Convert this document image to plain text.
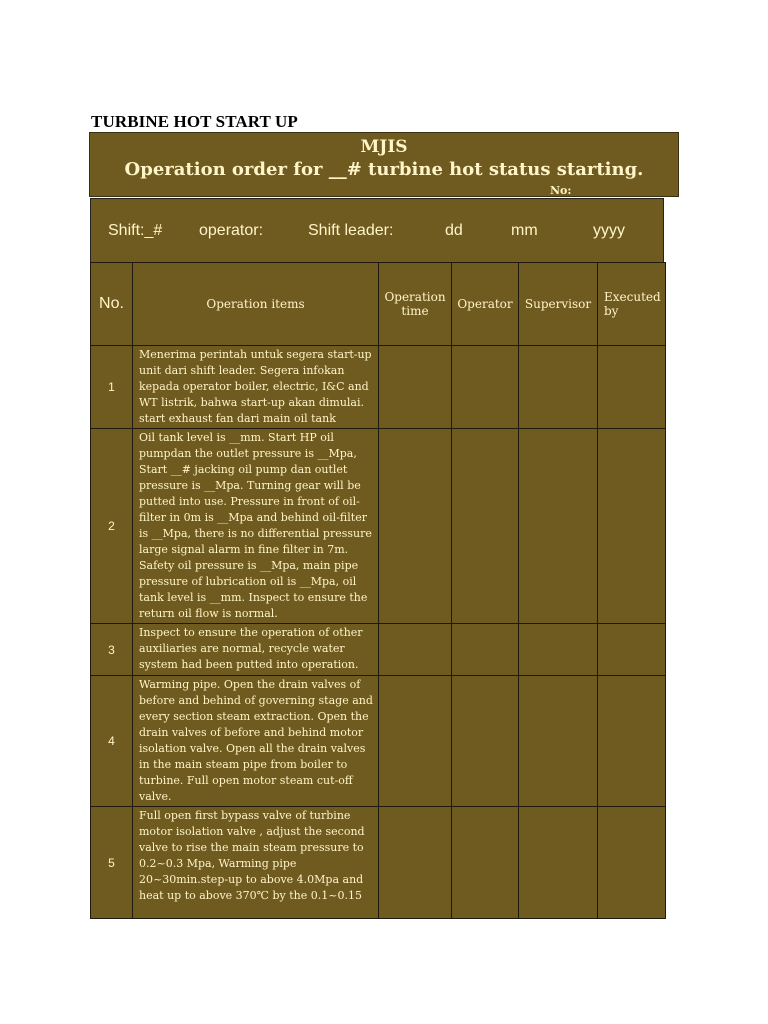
TURBINE HOT START UP
MJIS
Operation order for __# turbine hot status starting.
No:
Shift:_# operator:	Shift leader:	dd	mm	yyyy
No.	Operation items	Operation time	Operator	Supervisor	Executed by
1	Menerima perintah untuk segera start-up unit dari shift leader. Segera infokan kepada operator boiler, electric, I&C and WT listrik, bahwa start-up akan dimulai. start exhaust fan dari main oil tank				
2	Oil tank level is __mm. Start HP oil pumpdan the outlet pressure is __Mpa, Start __# jacking oil pump dan outlet pressure is __Mpa. Turning gear will be putted into use. Pressure in front of oil-filter in 0m is __Mpa and behind oil-filter is __Mpa, there is no differential pressure large signal alarm in fine filter in 7m. Safety oil pressure is __Mpa, main pipe pressure of lubrication oil is __Mpa, oil tank level is __mm. Inspect to ensure the return oil flow is normal.				
3	Inspect to ensure the operation of other auxiliaries are normal, recycle water system had been putted into operation.				
4	Warming pipe. Open the drain valves of before and behind of governing stage and every section steam extraction. Open the drain valves of before and behind motor isolation valve. Open all the drain valves in the main steam pipe from boiler to turbine. Full open motor steam cut-off valve.				
5	Full open first bypass valve of turbine motor isolation valve , adjust the second valve to rise the main steam pressure to 0.2~0.3 Mpa, Warming pipe 20~30min.step-up to above 4.0Mpa and heat up to above 370℃ by the 0.1~0.15				
